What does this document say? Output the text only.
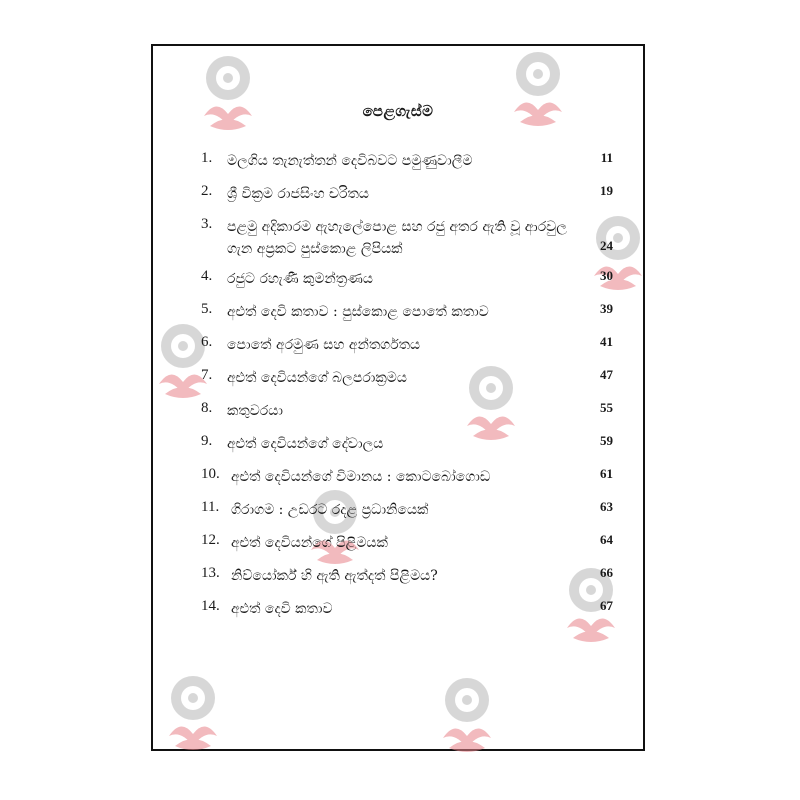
පෙළගැස්ම
1. මලගිය තැනැත්තන් දෙවිබවට පමුණුවාලීම	11
2. ශ්‍රී වික්‍රම රාජසිංහ චරිතය	19
3. පළමු අදිකාරම ඇහැලේපොළ සහ රජු අතර ඇති වූ ආරවුල ගැන අප්‍රකට පුස්කොළ ලිපියක්	24
4. රජුට රහැණී කුමන්ත්‍රණය	30
5. අළුත් දෙවි කතාව : පුස්කොළ පොතේ කතාව	39
6. පොතේ අරමුණ සහ අන්තර්ගතය	41
7. අළුත් දෙවියන්ගේ බලපරාක්‍රමය	47
8. කතුවරයා	55
9. අළුත් දෙවියන්ගේ දේවාලය	59
10. අළුත් දෙවියන්ගේ විමානය : කොටබෝගොඩ	61
11. ගිරාගම : උඩරට රදළ ප්‍රධානියෙක්	63
12. අළුත් දෙවියන්ගේ පිළිමයක්	64
13. නිව්යෝර්ක් හි ඇති ඇත්දත් පිළිමය?	66
14. අළුත් දෙවි කතාව	67
